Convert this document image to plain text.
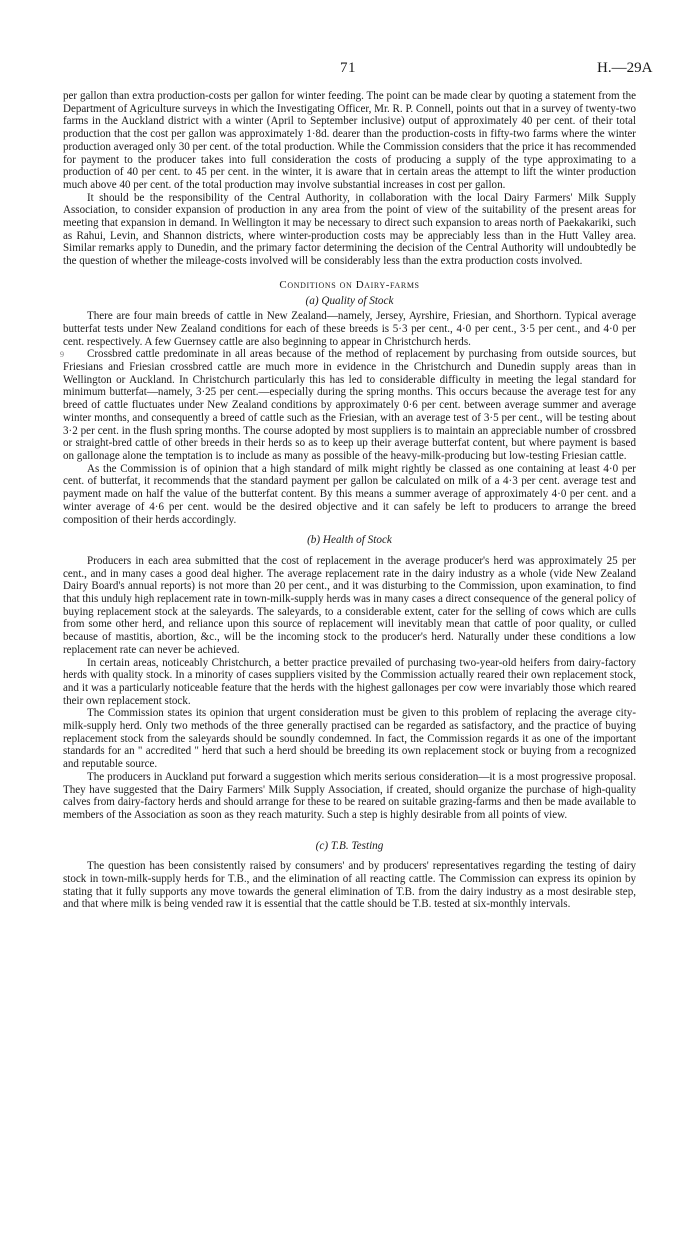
71	H.—29A
9

per gallon than extra production-costs per gallon for winter feeding. The point can be made clear by quoting a statement from the Department of Agriculture surveys in which the Investigating Officer, Mr. R. P. Connell, points out that in a survey of twenty-two farms in the Auckland district with a winter (April to September inclusive) output of approximately 40 per cent. of their total production that the cost per gallon was approximately 1·8d. dearer than the production-costs in fifty-two farms where the winter production averaged only 30 per cent. of the total production. While the Commission considers that the price it has recommended for payment to the producer takes into full consideration the costs of producing a supply of the type approximating to a production of 40 per cent. to 45 per cent. in the winter, it is aware that in certain areas the attempt to lift the winter production much above 40 per cent. of the total production may involve substantial increases in cost per gallon.

It should be the responsibility of the Central Authority, in collaboration with the local Dairy Farmers' Milk Supply Association, to consider expansion of production in any area from the point of view of the suitability of the present areas for meeting that expansion in demand. In Wellington it may be necessary to direct such expansion to areas north of Paekakariki, such as Rahui, Levin, and Shannon districts, where winter-production costs may be appreciably less than in the Hutt Valley area. Similar remarks apply to Dunedin, and the primary factor determining the decision of the Central Authority will undoubtedly be the question of whether the mileage-costs involved will be considerably less than the extra production costs involved.

Conditions on Dairy-farms
(a) Quality of Stock

There are four main breeds of cattle in New Zealand—namely, Jersey, Ayrshire, Friesian, and Shorthorn. Typical average butterfat tests under New Zealand conditions for each of these breeds is 5·3 per cent., 4·0 per cent., 3·5 per cent., and 4·0 per cent. respectively. A few Guernsey cattle are also beginning to appear in Christchurch herds.

Crossbred cattle predominate in all areas because of the method of replacement by purchasing from outside sources, but Friesians and Friesian crossbred cattle are much more in evidence in the Christchurch and Dunedin supply areas than in Wellington or Auckland. In Christchurch particularly this has led to considerable difficulty in meeting the legal standard for minimum butterfat—namely, 3·25 per cent.—especially during the spring months. This occurs because the average test for any breed of cattle fluctuates under New Zealand conditions by approximately 0·6 per cent. between average summer and average winter months, and consequently a breed of cattle such as the Friesian, with an average test of 3·5 per cent., will be testing about 3·2 per cent. in the flush spring months. The course adopted by most suppliers is to maintain an appreciable number of crossbred or straight-bred cattle of other breeds in their herds so as to keep up their average butterfat content, but where payment is based on gallonage alone the temptation is to include as many as possible of the heavy-milk-producing but low-testing Friesian cattle.

As the Commission is of opinion that a high standard of milk might rightly be classed as one containing at least 4·0 per cent. of butterfat, it recommends that the standard payment per gallon be calculated on milk of a 4·3 per cent. average test and payment made on half the value of the butterfat content. By this means a summer average of approximately 4·0 per cent. and a winter average of 4·6 per cent. would be the desired objective and it can safely be left to producers to arrange the breed composition of their herds accordingly.

(b) Health of Stock

Producers in each area submitted that the cost of replacement in the average producer's herd was approximately 25 per cent., and in many cases a good deal higher. The average replacement rate in the dairy industry as a whole (vide New Zealand Dairy Board's annual reports) is not more than 20 per cent., and it was disturbing to the Commission, upon examination, to find that this unduly high replacement rate in town-milk-supply herds was in many cases a direct consequence of the general policy of buying replacement stock at the saleyards. The saleyards, to a considerable extent, cater for the selling of cows which are culls from some other herd, and reliance upon this source of replacement will inevitably mean that cattle of poor quality, or culled because of mastitis, abortion, &c., will be the incoming stock to the producer's herd. Naturally under these conditions a low replacement rate can never be achieved.

In certain areas, noticeably Christchurch, a better practice prevailed of purchasing two-year-old heifers from dairy-factory herds with quality stock. In a minority of cases suppliers visited by the Commission actually reared their own replacement stock, and it was a particularly noticeable feature that the herds with the highest gallonages per cow were invariably those which reared their own replacement stock.

The Commission states its opinion that urgent consideration must be given to this problem of replacing the average city-milk-supply herd. Only two methods of the three generally practised can be regarded as satisfactory, and the practice of buying replacement stock from the saleyards should be soundly condemned. In fact, the Commission regards it as one of the important standards for an " accredited " herd that such a herd should be breeding its own replacement stock or buying from a recognized and reputable source.

The producers in Auckland put forward a suggestion which merits serious consideration—it is a most progressive proposal. They have suggested that the Dairy Farmers' Milk Supply Association, if created, should organize the purchase of high-quality calves from dairy-factory herds and should arrange for these to be reared on suitable grazing-farms and then be made available to members of the Association as soon as they reach maturity. Such a step is highly desirable from all points of view.

(c) T.B. Testing

The question has been consistently raised by consumers' and by producers' representatives regarding the testing of dairy stock in town-milk-supply herds for T.B., and the elimination of all reacting cattle. The Commission can express its opinion by stating that it fully supports any move towards the general elimination of T.B. from the dairy industry as a most desirable step, and that where milk is being vended raw it is essential that the cattle should be T.B. tested at six-monthly intervals.
